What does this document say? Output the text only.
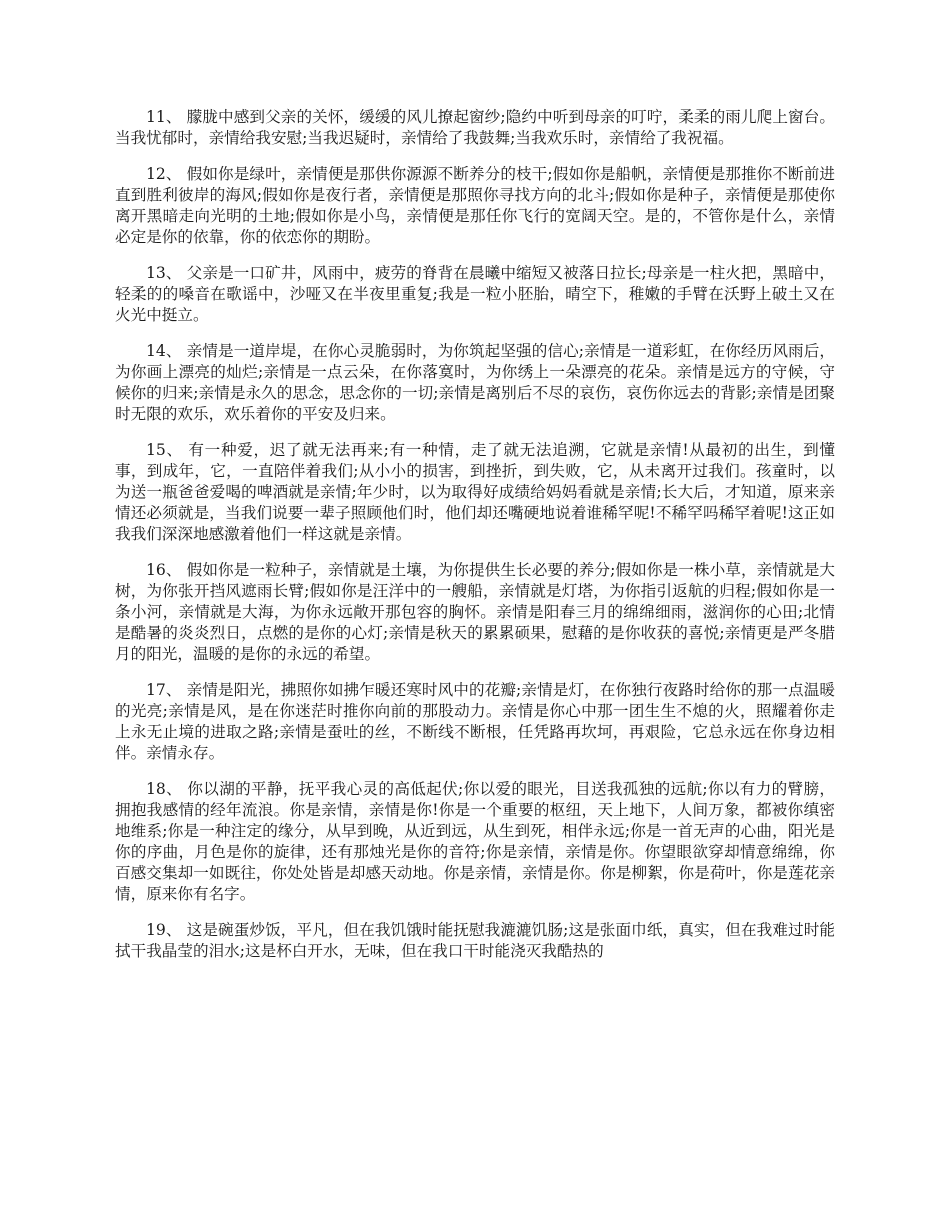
11、 朦胧中感到父亲的关怀，缓缓的风儿撩起窗纱;隐约中听到母亲的叮咛，柔柔的雨儿爬上窗台。当我忧郁时，亲情给我安慰;当我迟疑时，亲情给了我鼓舞;当我欢乐时，亲情给了我祝福。

12、 假如你是绿叶，亲情便是那供你源源不断养分的枝干;假如你是船帆，亲情便是那推你不断前进直到胜利彼岸的海风;假如你是夜行者，亲情便是那照你寻找方向的北斗;假如你是种子，亲情便是那使你离开黑暗走向光明的土地;假如你是小鸟，亲情便是那任你飞行的宽阔天空。是的，不管你是什么，亲情必定是你的依靠，你的依恋你的期盼。

13、 父亲是一口矿井，风雨中，疲劳的脊背在晨曦中缩短又被落日拉长;母亲是一柱火把，黑暗中，轻柔的的嗓音在歌谣中，沙哑又在半夜里重复;我是一粒小胚胎，晴空下，稚嫩的手臂在沃野上破土又在火光中挺立。

14、 亲情是一道岸堤，在你心灵脆弱时，为你筑起坚强的信心;亲情是一道彩虹，在你经历风雨后，为你画上漂亮的灿烂;亲情是一点云朵，在你落寞时，为你绣上一朵漂亮的花朵。亲情是远方的守候，守候你的归来;亲情是永久的思念，思念你的一切;亲情是离别后不尽的哀伤，哀伤你远去的背影;亲情是团聚时无限的欢乐，欢乐着你的平安及归来。

15、 有一种爱，迟了就无法再来;有一种情，走了就无法追溯，它就是亲情!从最初的出生，到懂事，到成年，它，一直陪伴着我们;从小小的损害，到挫折，到失败，它，从未离开过我们。孩童时，以为送一瓶爸爸爱喝的啤酒就是亲情;年少时，以为取得好成绩给妈妈看就是亲情;长大后，才知道，原来亲情还必须就是，当我们说要一辈子照顾他们时，他们却还嘴硬地说着谁稀罕呢!不稀罕吗稀罕着呢!这正如我我们深深地感激着他们一样这就是亲情。

16、 假如你是一粒种子，亲情就是土壤，为你提供生长必要的养分;假如你是一株小草，亲情就是大树，为你张开挡风遮雨长臂;假如你是汪洋中的一艘船，亲情就是灯塔，为你指引返航的归程;假如你是一条小河，亲情就是大海，为你永远敞开那包容的胸怀。亲情是阳春三月的绵绵细雨，滋润你的心田;北情是酷暑的炎炎烈日，点燃的是你的心灯;亲情是秋天的累累硕果，慰藉的是你收获的喜悦;亲情更是严冬腊月的阳光，温暖的是你的永远的希望。

17、 亲情是阳光，拂照你如拂乍暖还寒时风中的花瓣;亲情是灯，在你独行夜路时给你的那一点温暖的光亮;亲情是风，是在你迷茫时推你向前的那股动力。亲情是你心中那一团生生不熄的火，照耀着你走上永无止境的进取之路;亲情是蚕吐的丝，不断线不断根，任凭路再坎坷，再艰险，它总永远在你身边相伴。亲情永存。

18、 你以湖的平静，抚平我心灵的高低起伏;你以爱的眼光，目送我孤独的远航;你以有力的臂膀，拥抱我感情的经年流浪。你是亲情，亲情是你!你是一个重要的枢纽，天上地下，人间万象，都被你缜密地维系;你是一种注定的缘分，从早到晚，从近到远，从生到死，相伴永远;你是一首无声的心曲，阳光是你的序曲，月色是你的旋律，还有那烛光是你的音符;你是亲情，亲情是你。你望眼欲穿却情意绵绵，你百感交集却一如既往，你处处皆是却感天动地。你是亲情，亲情是你。你是柳絮，你是荷叶，你是莲花亲情，原来你有名字。

19、 这是碗蛋炒饭，平凡，但在我饥饿时能抚慰我漉漉饥肠;这是张面巾纸，真实，但在我难过时能拭干我晶莹的泪水;这是杯白开水，无味，但在我口干时能浇灭我酷热的
